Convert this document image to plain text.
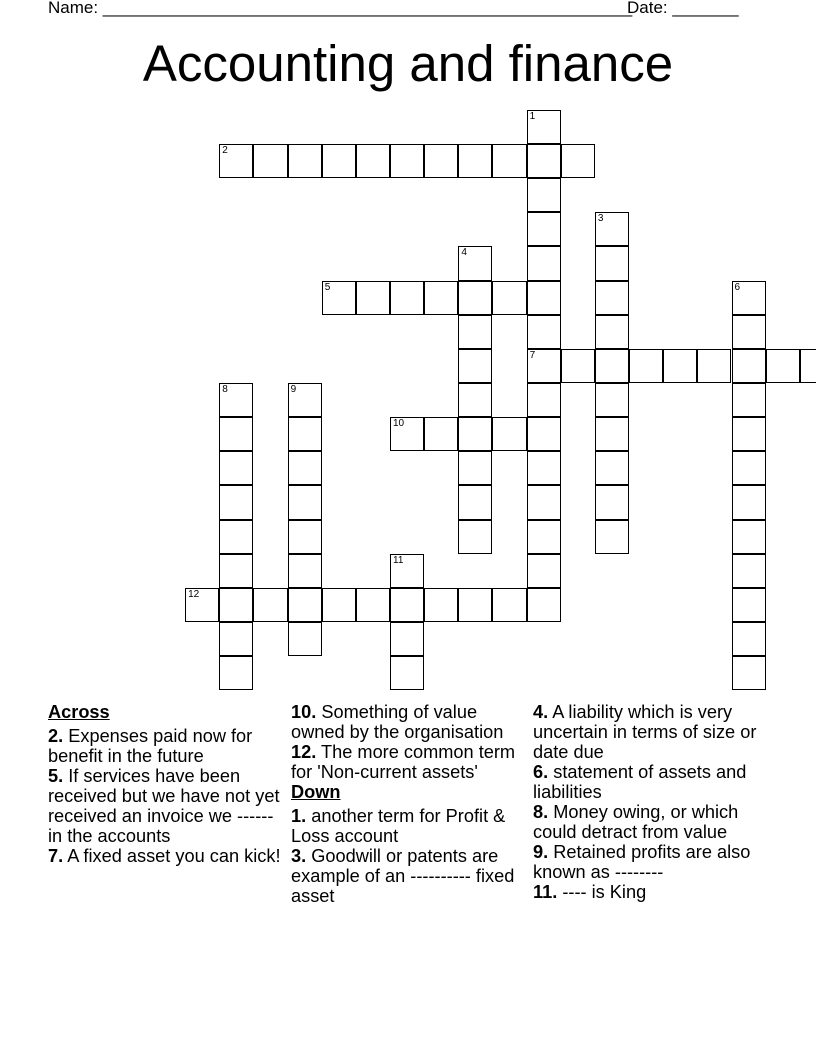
Name: ________________________________________________________
Date: _______
Accounting and finance
1
7
2
3
4
5	6
8	9
10
11
12
Across
2. Expenses paid now for benefit in the future
5. If services have been received but we have not yet received an invoice we ------ in the accounts
7. A fixed asset you can kick!
10. Something of value owned by the organisation
12. The more common term for 'Non-current assets'
Down
1. another term for Profit & Loss account
3. Goodwill or patents are example of an ---------- fixed asset
4. A liability which is very uncertain in terms of size or date due
6. statement of assets and liabilities
8. Money owing, or which could detract from value
9. Retained profits are also known as --------
11. ---- is King
